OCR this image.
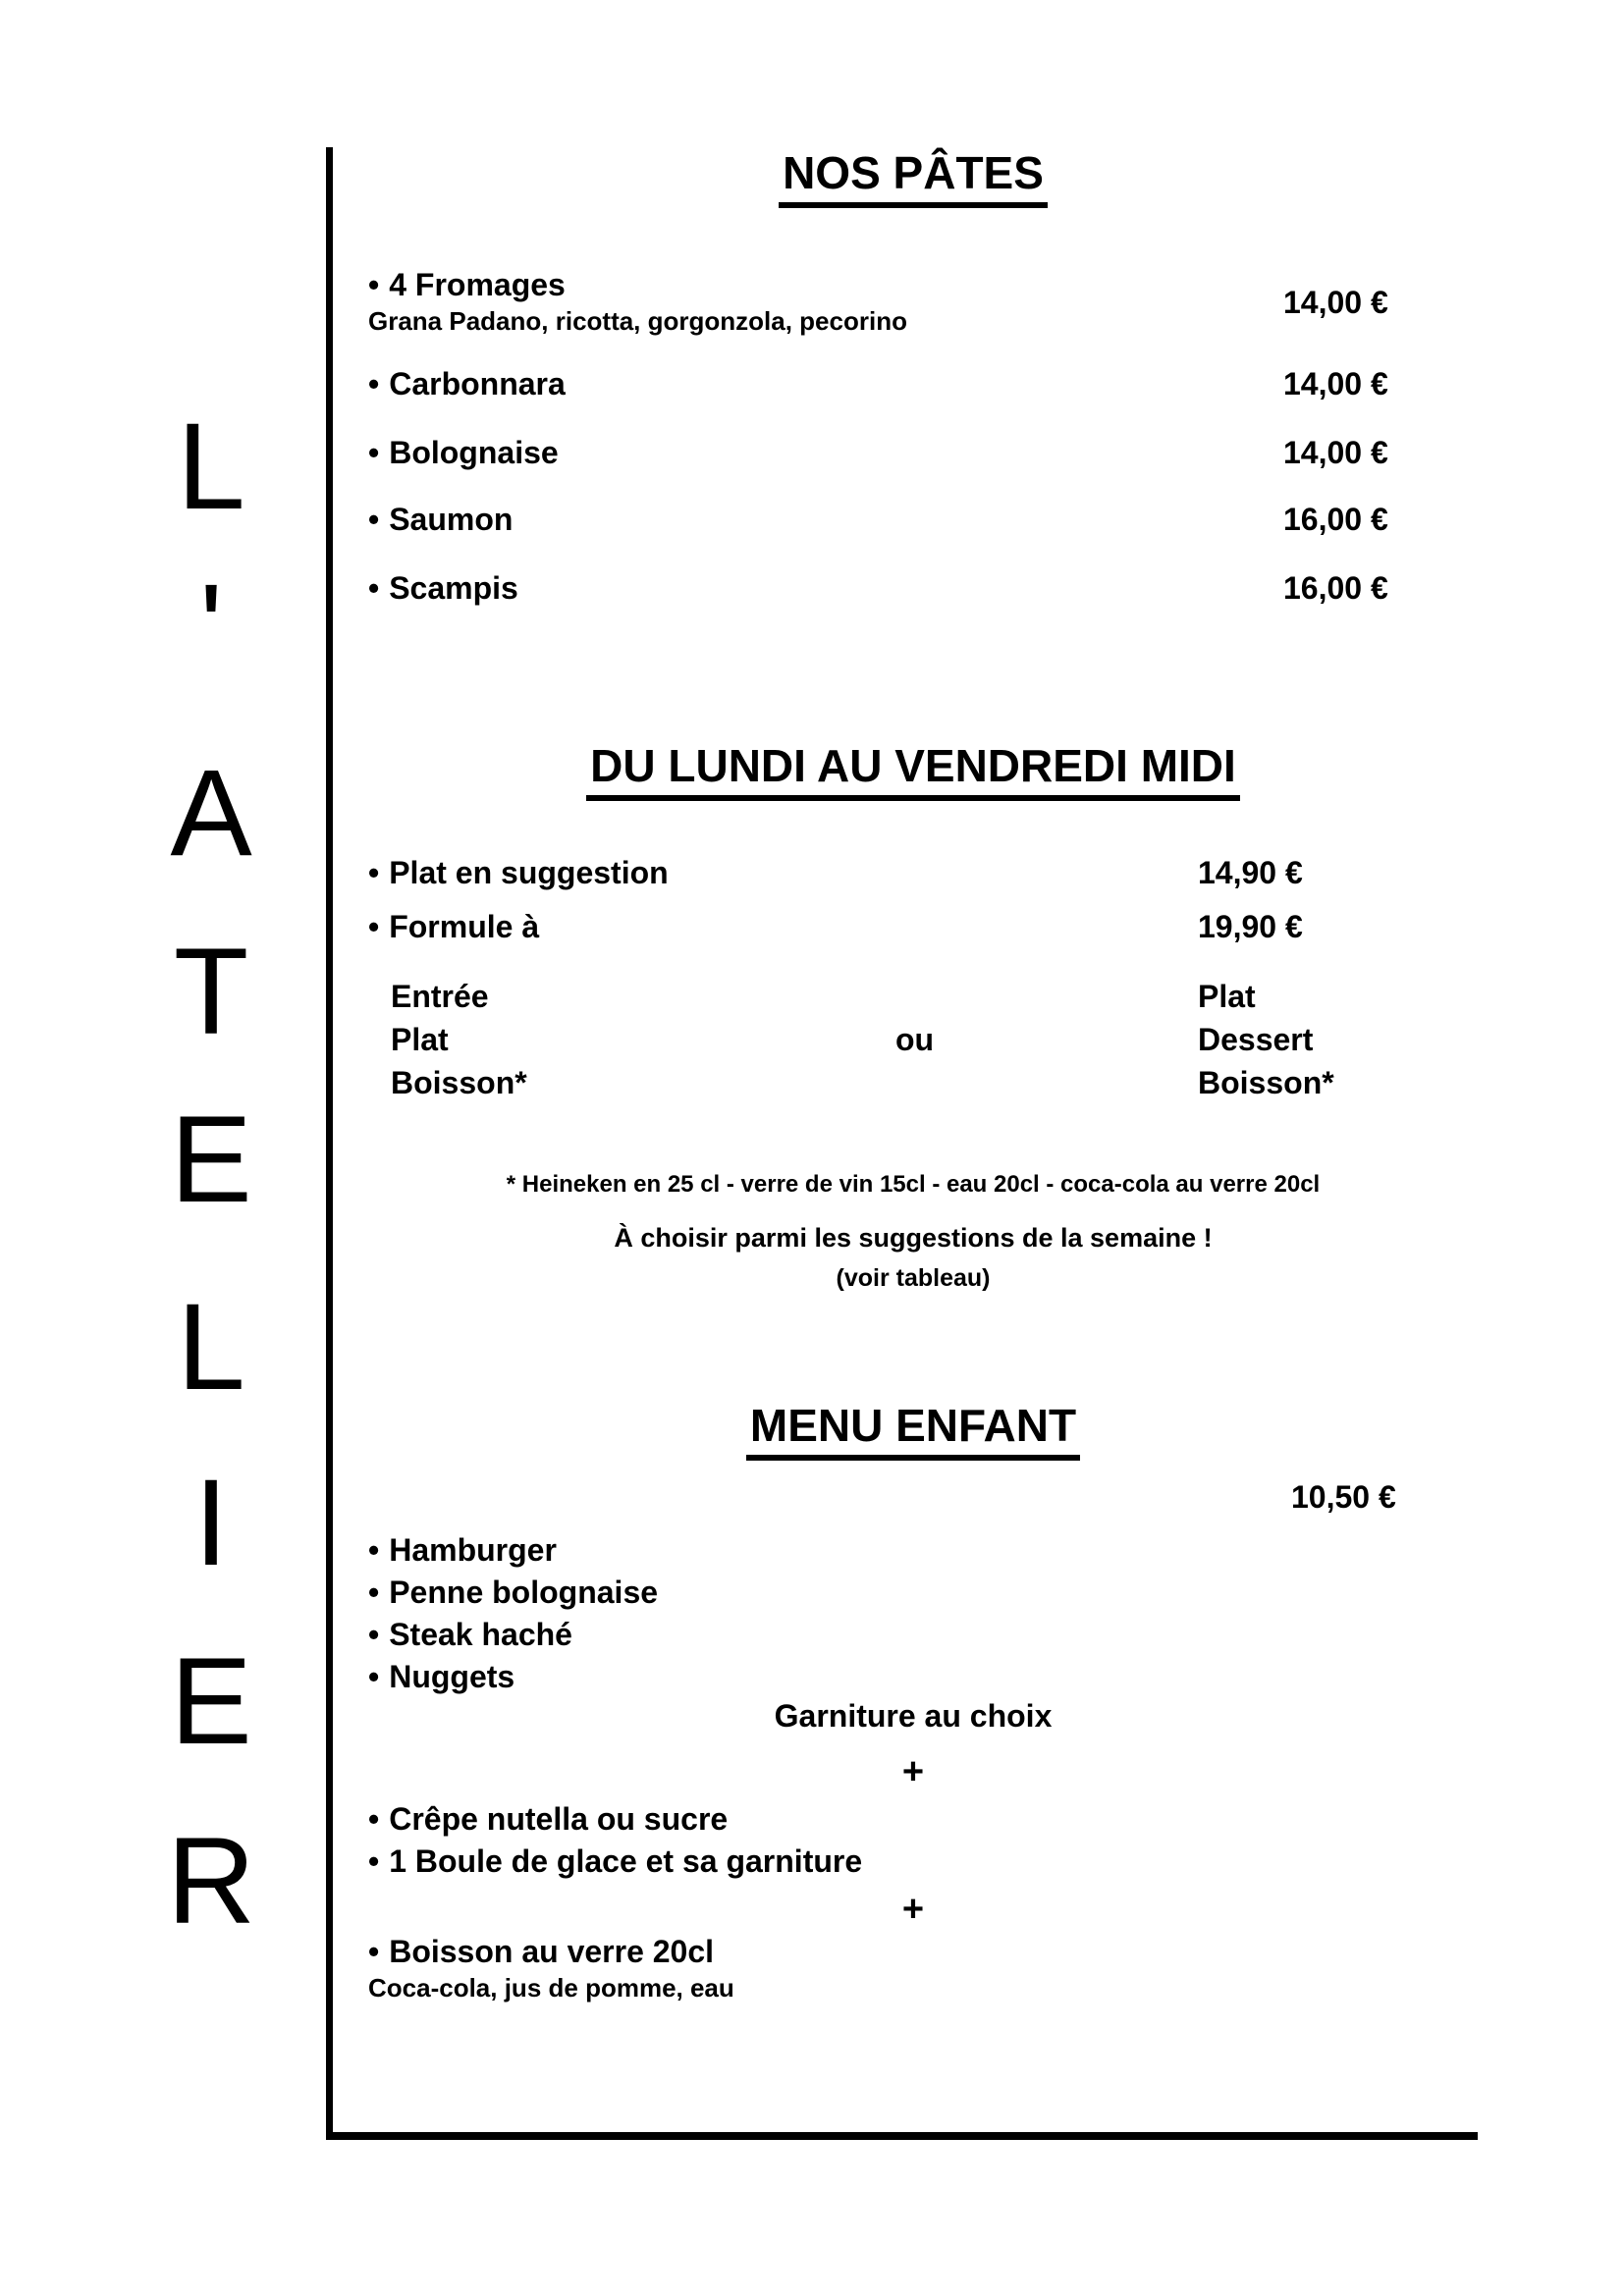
L
'
A
T
E
L
I
E
R
NOS PÂTES
• 4 Fromages
Grana Padano, ricotta, gorgonzola, pecorino
14,00 €
• Carbonnara	14,00 €
• Bolognaise	14,00 €
• Saumon	16,00 €
• Scampis	16,00 €
DU LUNDI AU VENDREDI MIDI
• Plat en suggestion	14,90 €
• Formule à	19,90 €
Entrée
Plat
Boisson*
ou
Plat
Dessert
Boisson*
* Heineken en 25 cl - verre de vin 15cl - eau 20cl - coca-cola au verre 20cl
À choisir parmi les suggestions de la semaine !
(voir tableau)
MENU ENFANT
10,50 €
• Hamburger
• Penne bolognaise
• Steak haché
• Nuggets
Garniture au choix
+
• Crêpe nutella ou sucre
• 1 Boule de glace et sa garniture
+
• Boisson au verre 20cl
Coca-cola, jus de pomme, eau
